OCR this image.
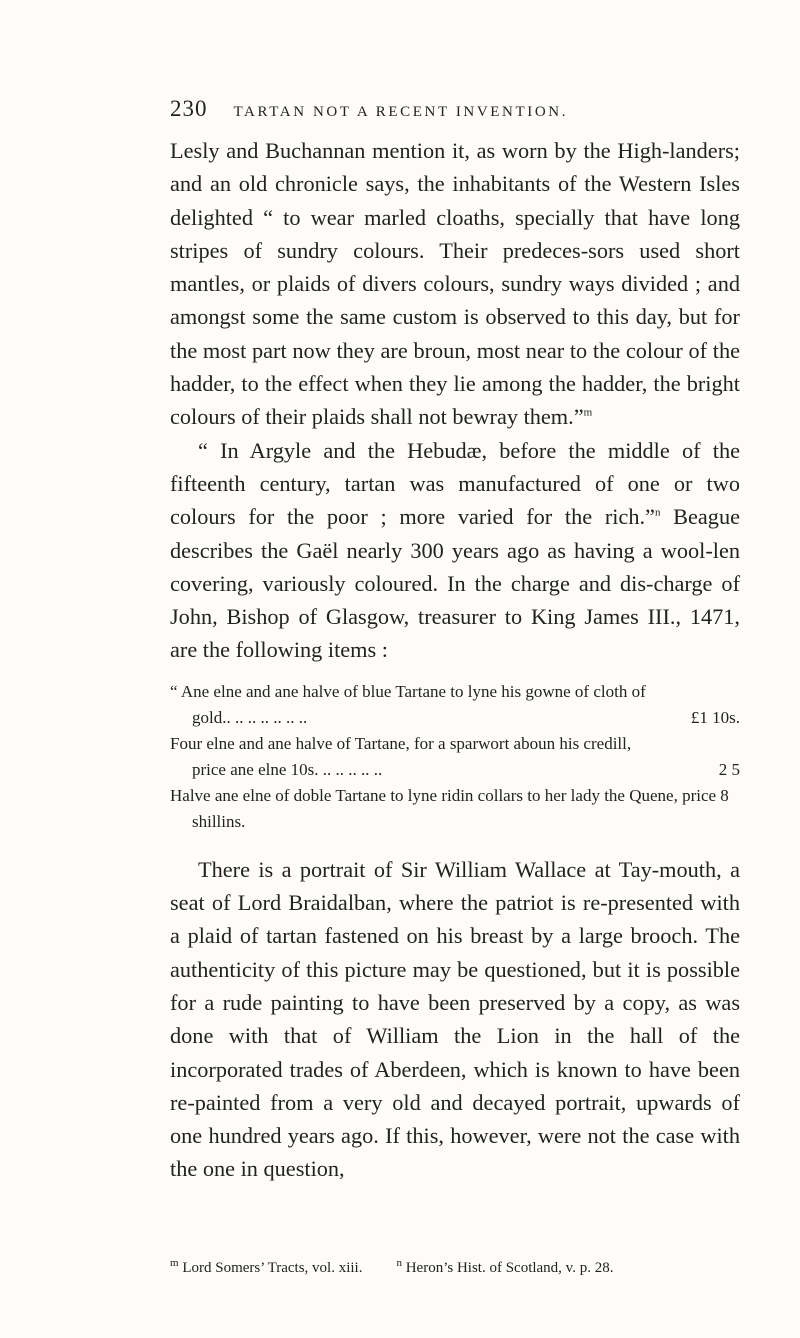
230 TARTAN NOT A RECENT INVENTION.

Lesly and Buchannan mention it, as worn by the High-landers; and an old chronicle says, the inhabitants of the Western Isles delighted “ to wear marled cloaths, specially that have long stripes of sundry colours. Their predeces-sors used short mantles, or plaids of divers colours, sundry ways divided ; and amongst some the same custom is observed to this day, but for the most part now they are broun, most near to the colour of the hadder, to the effect when they lie among the hadder, the bright colours of their plaids shall not bewray them.”$^m$

“ In Argyle and the Hebudæ, before the middle of the fifteenth century, tartan was manufactured of one or two colours for the poor ; more varied for the rich.”$^n$ Beague describes the Gaël nearly 300 years ago as having a wool-len covering, variously coloured. In the charge and dis-charge of John, Bishop of Glasgow, treasurer to King James III., 1471, are the following items :

“ Ane elne and ane halve of blue Tartane to lyne his gowne of cloth of gold.. .. .. .. .. .. ..	£1 10s.
Four elne and ane halve of Tartane, for a sparwort aboun his credill, price ane elne 10s. .. .. .. .. ..	2 5
Halve ane elne of doble Tartane to lyne ridin collars to her lady the Quene, price 8 shillins.

There is a portrait of Sir William Wallace at Tay-mouth, a seat of Lord Braidalban, where the patriot is re-presented with a plaid of tartan fastened on his breast by a large brooch. The authenticity of this picture may be questioned, but it is possible for a rude painting to have been preserved by a copy, as was done with that of William the Lion in the hall of the incorporated trades of Aberdeen, which is known to have been re-painted from a very old and decayed portrait, upwards of one hundred years ago. If this, however, were not the case with the one in question,

$^m$ Lord Somers’ Tracts, vol. xiii.	$^n$ Heron’s Hist. of Scotland, v. p. 28.
